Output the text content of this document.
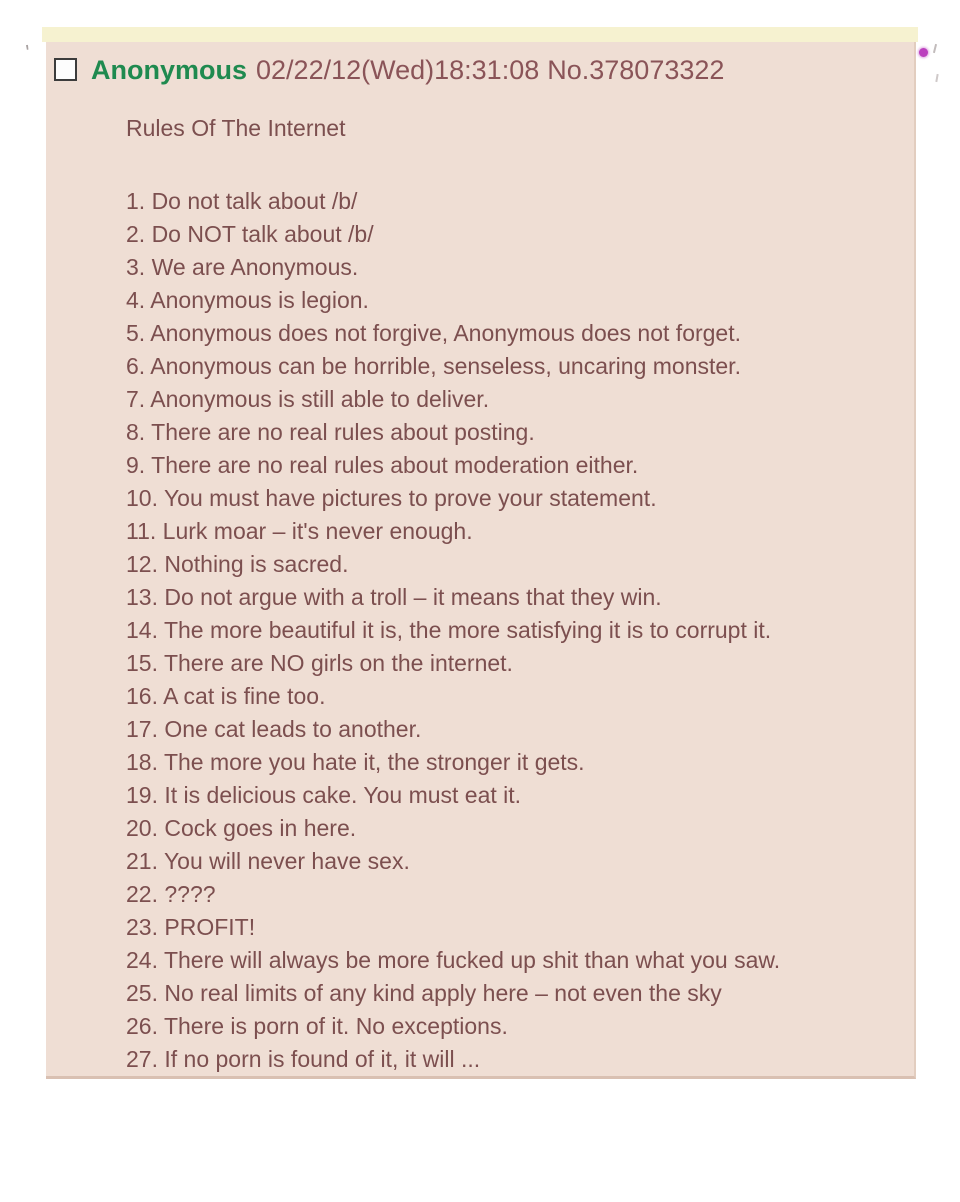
'
Anonymous 02/22/12(Wed)18:31:08 No.378073322
Rules Of The Internet
1. Do not talk about /b/
2. Do NOT talk about /b/
3. We are Anonymous.
4. Anonymous is legion.
5. Anonymous does not forgive, Anonymous does not forget.
6. Anonymous can be horrible, senseless, uncaring monster.
7. Anonymous is still able to deliver.
8. There are no real rules about posting.
9. There are no real rules about moderation either.
10. You must have pictures to prove your statement.
11. Lurk moar – it's never enough.
12. Nothing is sacred.
13. Do not argue with a troll – it means that they win.
14. The more beautiful it is, the more satisfying it is to corrupt it.
15. There are NO girls on the internet.
16. A cat is fine too.
17. One cat leads to another.
18. The more you hate it, the stronger it gets.
19. It is delicious cake. You must eat it.
20. Cock goes in here.
21. You will never have sex.
22. ????
23. PROFIT!
24. There will always be more fucked up shit than what you saw.
25. No real limits of any kind apply here – not even the sky
26. There is porn of it. No exceptions.
27. If no porn is found of it, it will ...
